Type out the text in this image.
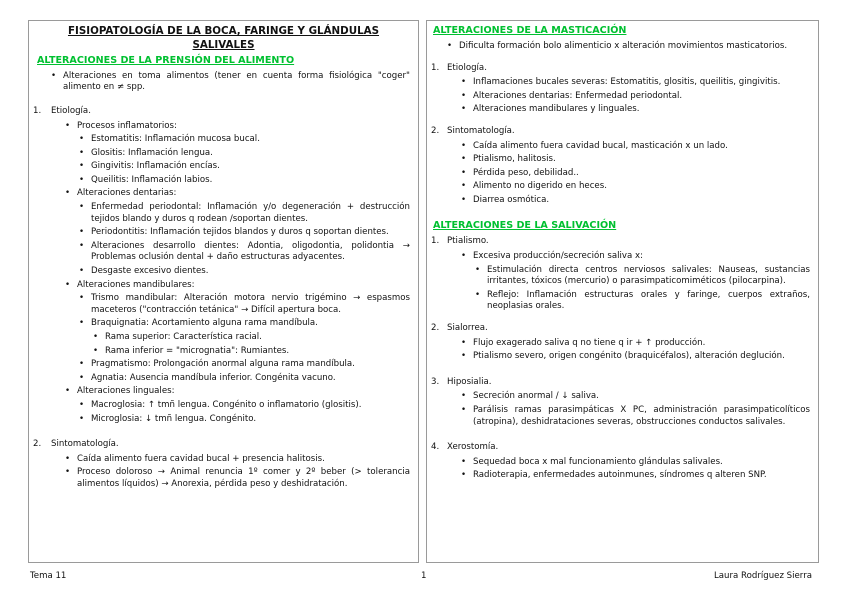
FISIOPATOLOGÍA DE LA BOCA, FARINGE Y GLÁNDULAS SALIVALES
ALTERACIONES DE LA PRENSIÓN DEL ALIMENTO
• Alteraciones en toma alimentos (tener en cuenta forma fisiológica "coger" alimento en ≠ spp.
1. Etiología.
• Procesos inflamatorios:
• Estomatitis: Inflamación mucosa bucal.
• Glositis: Inflamación lengua.
• Gingivitis: Inflamación encías.
• Queilitis: Inflamación labios.
• Alteraciones dentarias:
• Enfermedad periodontal: Inflamación y/o degeneración + destrucción tejidos blando y duros q rodean /soportan dientes.
• Periodontitis: Inflamación tejidos blandos y duros q soportan dientes.
• Alteraciones desarrollo dientes: Adontia, oligodontia, polidontia → Problemas oclusión dental + daño estructuras adyacentes.
• Desgaste excesivo dientes.
• Alteraciones mandibulares:
• Trismo mandibular: Alteración motora nervio trigémino → espasmos maceteros ("contracción tetánica" → Difícil apertura boca.
• Braquignatia: Acortamiento alguna rama mandíbula.
• Rama superior: Característica racial.
• Rama inferior = "micrognatia": Rumiantes.
• Pragmatismo: Prolongación anormal alguna rama mandíbula.
• Agnatia: Ausencia mandíbula inferior. Congénita vacuno.
• Alteraciones linguales:
• Macroglosia: ↑ tmñ lengua. Congénito o inflamatorio (glositis).
• Microglosia: ↓ tmñ lengua. Congénito.
2. Sintomatología.
• Caída alimento fuera cavidad bucal + presencia halitosis.
• Proceso doloroso → Animal renuncia 1º comer y 2º beber (> tolerancia alimentos líquidos) → Anorexia, pérdida peso y deshidratación.
ALTERACIONES DE LA MASTICACIÓN
• Dificulta formación bolo alimenticio x alteración movimientos masticatorios.
1. Etiología.
• Inflamaciones bucales severas: Estomatitis, glositis, queilitis, gingivitis.
• Alteraciones dentarias: Enfermedad periodontal.
• Alteraciones mandibulares y linguales.
2. Sintomatología.
• Caída alimento fuera cavidad bucal, masticación x un lado.
• Ptialismo, halitosis.
• Pérdida peso, debilidad..
• Alimento no digerido en heces.
• Diarrea osmótica.
ALTERACIONES DE LA SALIVACIÓN
1. Ptialismo.
• Excesiva producción/secreción saliva x:
• Estimulación directa centros nerviosos salivales: Nauseas, sustancias irritantes, tóxicos (mercurio) o parasimpaticomiméticos (pilocarpina).
• Reflejo: Inflamación estructuras orales y faringe, cuerpos extraños, neoplasias orales.
2. Sialorrea.
• Flujo exagerado saliva q no tiene q ir + ↑ producción.
• Ptialismo severo, origen congénito (braquicéfalos), alteración deglución.
3. Hiposialia.
• Secreción anormal / ↓ saliva.
• Parálisis ramas parasimpáticas X PC, administración parasimpaticolíticos (atropina), deshidrataciones severas, obstrucciones conductos salivales.
4. Xerostomía.
• Sequedad boca x mal funcionamiento glándulas salivales.
• Radioterapia, enfermedades autoinmunes, síndromes q alteren SNP.
Tema 11	1	Laura Rodríguez Sierra
